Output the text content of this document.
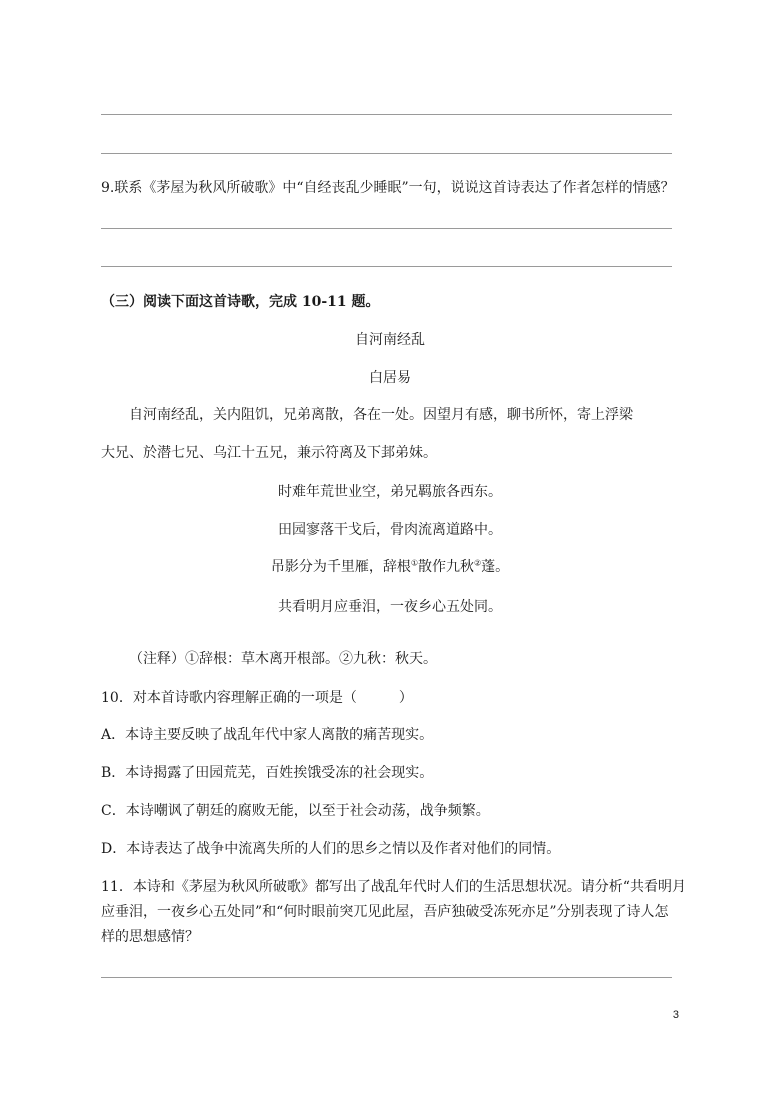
9.联系《茅屋为秋风所破歌》中“自经丧乱少睡眠”一句，说说这首诗表达了作者怎样的情感？
（三）阅读下面这首诗歌，完成 10-11 题。
自河南经乱
白居易
自河南经乱，关内阻饥，兄弟离散，各在一处。因望月有感，聊书所怀，寄上浮梁
大兄、於潜七兄、乌江十五兄，兼示符离及下邽弟妹。
时难年荒世业空，弟兄羁旅各西东。
田园寥落干戈后，骨肉流离道路中。
吊影分为千里雁，辞根①散作九秋②蓬。
共看明月应垂泪，一夜乡心五处同。
（注释）①辞根：草木离开根部。②九秋：秋天。
10．对本首诗歌内容理解正确的一项是（　　　）
A．本诗主要反映了战乱年代中家人离散的痛苦现实。
B．本诗揭露了田园荒芜，百姓挨饿受冻的社会现实。
C．本诗嘲讽了朝廷的腐败无能，以至于社会动荡，战争频繁。
D．本诗表达了战争中流离失所的人们的思乡之情以及作者对他们的同情。
11．本诗和《茅屋为秋风所破歌》都写出了战乱年代时人们的生活思想状况。请分析“共看明月
应垂泪，一夜乡心五处同”和“何时眼前突兀见此屋，吾庐独破受冻死亦足”分别表现了诗人怎
样的思想感情？
3
